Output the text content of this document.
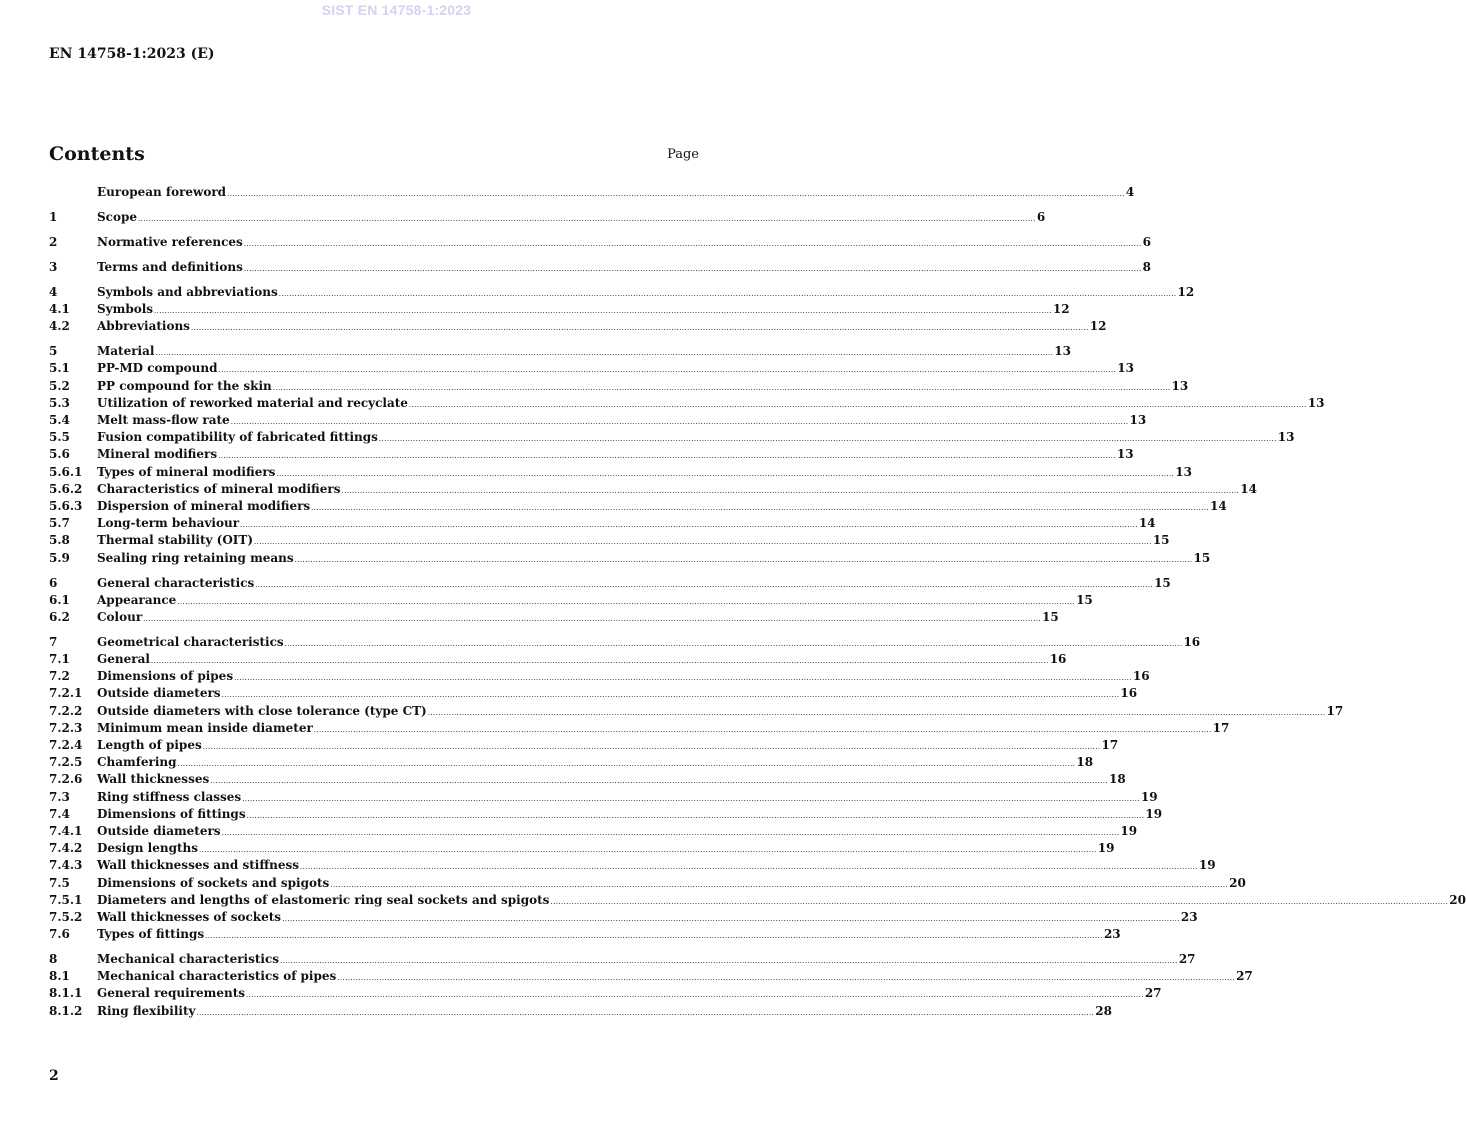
SIST EN 14758-1:2023
EN 14758-1:2023 (E)
Contents	Page
European foreword ...................................................................................................................................................................................................................................................................................................................................................... 4
1	Scope ...................................................................................................................................................................................................................................................................................................................................................... 6
2	Normative references ...................................................................................................................................................................................................................................................................................................................................................... 6
3	Terms and definitions ...................................................................................................................................................................................................................................................................................................................................................... 8
4	Symbols and abbreviations ...................................................................................................................................................................................................................................................................................................................................................... 12
4.1	Symbols ...................................................................................................................................................................................................................................................................................................................................................... 12
4.2	Abbreviations ...................................................................................................................................................................................................................................................................................................................................................... 12
5	Material ...................................................................................................................................................................................................................................................................................................................................................... 13
5.1	PP-MD compound ...................................................................................................................................................................................................................................................................................................................................................... 13
5.2	PP compound for the skin ...................................................................................................................................................................................................................................................................................................................................................... 13
5.3	Utilization of reworked material and recyclate ...................................................................................................................................................................................................................................................................................................................................................... 13
5.4	Melt mass-flow rate ...................................................................................................................................................................................................................................................................................................................................................... 13
5.5	Fusion compatibility of fabricated fittings ...................................................................................................................................................................................................................................................................................................................................................... 13
5.6	Mineral modifiers ...................................................................................................................................................................................................................................................................................................................................................... 13
5.6.1	Types of mineral modifiers ...................................................................................................................................................................................................................................................................................................................................................... 13
5.6.2	Characteristics of mineral modifiers ...................................................................................................................................................................................................................................................................................................................................................... 14
5.6.3	Dispersion of mineral modifiers ...................................................................................................................................................................................................................................................................................................................................................... 14
5.7	Long-term behaviour ...................................................................................................................................................................................................................................................................................................................................................... 14
5.8	Thermal stability (OIT) ...................................................................................................................................................................................................................................................................................................................................................... 15
5.9	Sealing ring retaining means ...................................................................................................................................................................................................................................................................................................................................................... 15
6	General characteristics ...................................................................................................................................................................................................................................................................................................................................................... 15
6.1	Appearance ...................................................................................................................................................................................................................................................................................................................................................... 15
6.2	Colour ...................................................................................................................................................................................................................................................................................................................................................... 15
7	Geometrical characteristics ...................................................................................................................................................................................................................................................................................................................................................... 16
7.1	General ...................................................................................................................................................................................................................................................................................................................................................... 16
7.2	Dimensions of pipes ...................................................................................................................................................................................................................................................................................................................................................... 16
7.2.1	Outside diameters ...................................................................................................................................................................................................................................................................................................................................................... 16
7.2.2	Outside diameters with close tolerance (type CT) ...................................................................................................................................................................................................................................................................................................................................................... 17
7.2.3	Minimum mean inside diameter ...................................................................................................................................................................................................................................................................................................................................................... 17
7.2.4	Length of pipes ...................................................................................................................................................................................................................................................................................................................................................... 17
7.2.5	Chamfering ...................................................................................................................................................................................................................................................................................................................................................... 18
7.2.6	Wall thicknesses ...................................................................................................................................................................................................................................................................................................................................................... 18
7.3	Ring stiffness classes ...................................................................................................................................................................................................................................................................................................................................................... 19
7.4	Dimensions of fittings ...................................................................................................................................................................................................................................................................................................................................................... 19
7.4.1	Outside diameters ...................................................................................................................................................................................................................................................................................................................................................... 19
7.4.2	Design lengths ...................................................................................................................................................................................................................................................................................................................................................... 19
7.4.3	Wall thicknesses and stiffness ...................................................................................................................................................................................................................................................................................................................................................... 19
7.5	Dimensions of sockets and spigots ...................................................................................................................................................................................................................................................................................................................................................... 20
7.5.1	Diameters and lengths of elastomeric ring seal sockets and spigots ...................................................................................................................................................................................................................................................................................................................................................... 20
7.5.2	Wall thicknesses of sockets ...................................................................................................................................................................................................................................................................................................................................................... 23
7.6	Types of fittings ...................................................................................................................................................................................................................................................................................................................................................... 23
8	Mechanical characteristics ...................................................................................................................................................................................................................................................................................................................................................... 27
8.1	Mechanical characteristics of pipes ...................................................................................................................................................................................................................................................................................................................................................... 27
8.1.1	General requirements ...................................................................................................................................................................................................................................................................................................................................................... 27
8.1.2	Ring flexibility ...................................................................................................................................................................................................................................................................................................................................................... 28
2
